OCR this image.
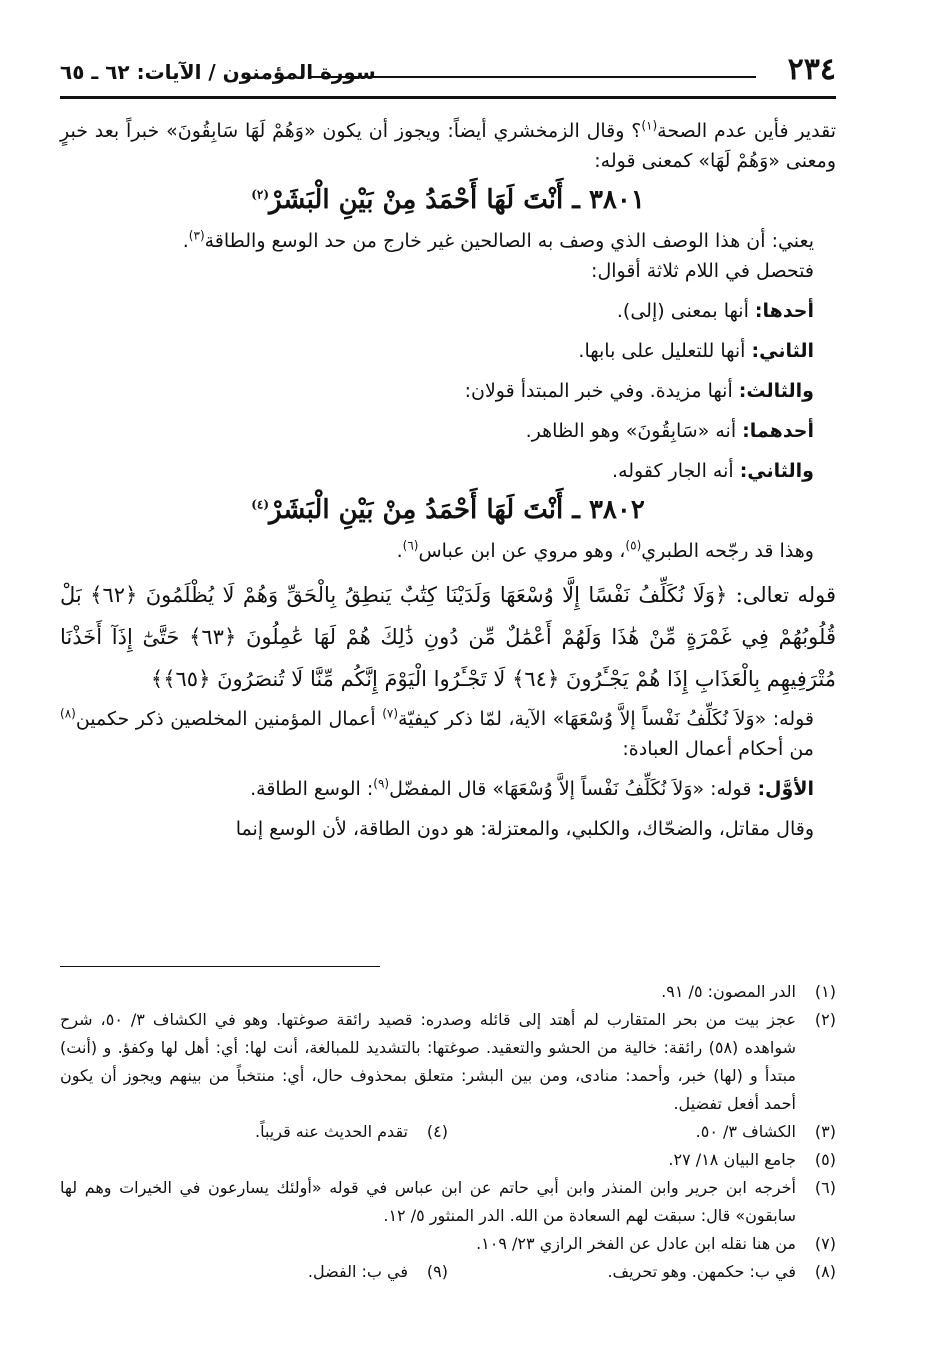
٢٣٤
سورة المؤمنون / الآيات: ٦٢ ـ ٦٥

تقدير فأين عدم الصحة$^{(١)}$؟ وقال الزمخشري أيضاً: ويجوز أن يكون «وَهُمْ لَهَا سَابِقُونَ» خبراً بعد خبرٍ ومعنى «وَهُمْ لَهَا» كمعنى قوله:

٣٨٠١ ـ أَنْتَ لَهَا أَحْمَدُ مِنْ بَيْنِ الْبَشَرْ$^{(٢)}$

يعني: أن هذا الوصف الذي وصف به الصالحين غير خارج من حد الوسع والطاقة$^{(٣)}$.

فتحصل في اللام ثلاثة أقوال:

أحدها: أنها بمعنى (إلى).

الثاني: أنها للتعليل على بابها.

والثالث: أنها مزيدة. وفي خبر المبتدأ قولان:

أحدهما: أنه «سَابِقُونَ» وهو الظاهر.

والثاني: أنه الجار كقوله.

٣٨٠٢ ـ أَنْتَ لَهَا أَحْمَدُ مِنْ بَيْنِ الْبَشَرْ$^{(٤)}$

وهذا قد رجّحه الطبري$^{(٥)}$، وهو مروي عن ابن عباس$^{(٦)}$.

قوله تعالى: ﴿وَلَا نُكَلِّفُ نَفْسًا إِلَّا وُسْعَهَا وَلَدَيْنَا كِتَٰبٌ يَنطِقُ بِالْحَقِّ وَهُمْ لَا يُظْلَمُونَ ﴿٦٢﴾ بَلْ قُلُوبُهُمْ فِي غَمْرَةٍ مِّنْ هَٰذَا وَلَهُمْ أَعْمَٰلٌ مِّن دُونِ ذَٰلِكَ هُمْ لَهَا عَٰمِلُونَ ﴿٦٣﴾ حَتَّىٰٓ إِذَآ أَخَذْنَا مُتْرَفِيهِم بِالْعَذَابِ إِذَا هُمْ يَجْـَٔرُونَ ﴿٦٤﴾ لَا تَجْـَٔرُوا الْيَوْمَ إِنَّكُم مِّنَّا لَا تُنصَرُونَ ﴿٦٥﴾﴾

قوله: «وَلاَ نُكَلِّفُ نَفْساً إلاَّ وُسْعَهَا» الآية، لمّا ذكر كيفيّة$^{(٧)}$ أعمال المؤمنين المخلصين ذكر حكمين$^{(٨)}$ من أحكام أعمال العبادة:

الأوَّل: قوله: «وَلاَ نُكَلِّفُ نَفْساً إلاَّ وُسْعَهَا» قال المفضّل$^{(٩)}$: الوسع الطاقة.

وقال مقاتل، والضحّاك، والكلبي، والمعتزلة: هو دون الطاقة، لأن الوسع إنما

(١)
الدر المصون: ٥/ ٩١.
(٢)
عجز بيت من بحر المتقارب لم أهتد إلى قائله وصدره: قصيد رائقة صوغتها. وهو في الكشاف ٣/ ٥٠، شرح شواهده (٥٨) رائقة: خالية من الحشو والتعقيد. صوغتها: بالتشديد للمبالغة، أنت لها: أي: أهل لها وكفؤ. و (أنت) مبتدأ و (لها) خبر، وأحمد: منادى، ومن بين البشر: متعلق بمحذوف حال، أي: منتخباً من بينهم ويجوز أن يكون أحمد أفعل تفضيل.
(٣)
الكشاف ٣/ ٥٠.
(٤)
تقدم الحديث عنه قريباً.
(٥)
جامع البيان ١٨/ ٢٧.
(٦)
أخرجه ابن جرير وابن المنذر وابن أبي حاتم عن ابن عباس في قوله «أولئك يسارعون في الخيرات وهم لها سابقون» قال: سبقت لهم السعادة من الله. الدر المنثور ٥/ ١٢.
(٧)
من هنا نقله ابن عادل عن الفخر الرازي ٢٣/ ١٠٩.
(٨)
في ب: حكمهن. وهو تحريف.
(٩)
في ب: الفضل.
